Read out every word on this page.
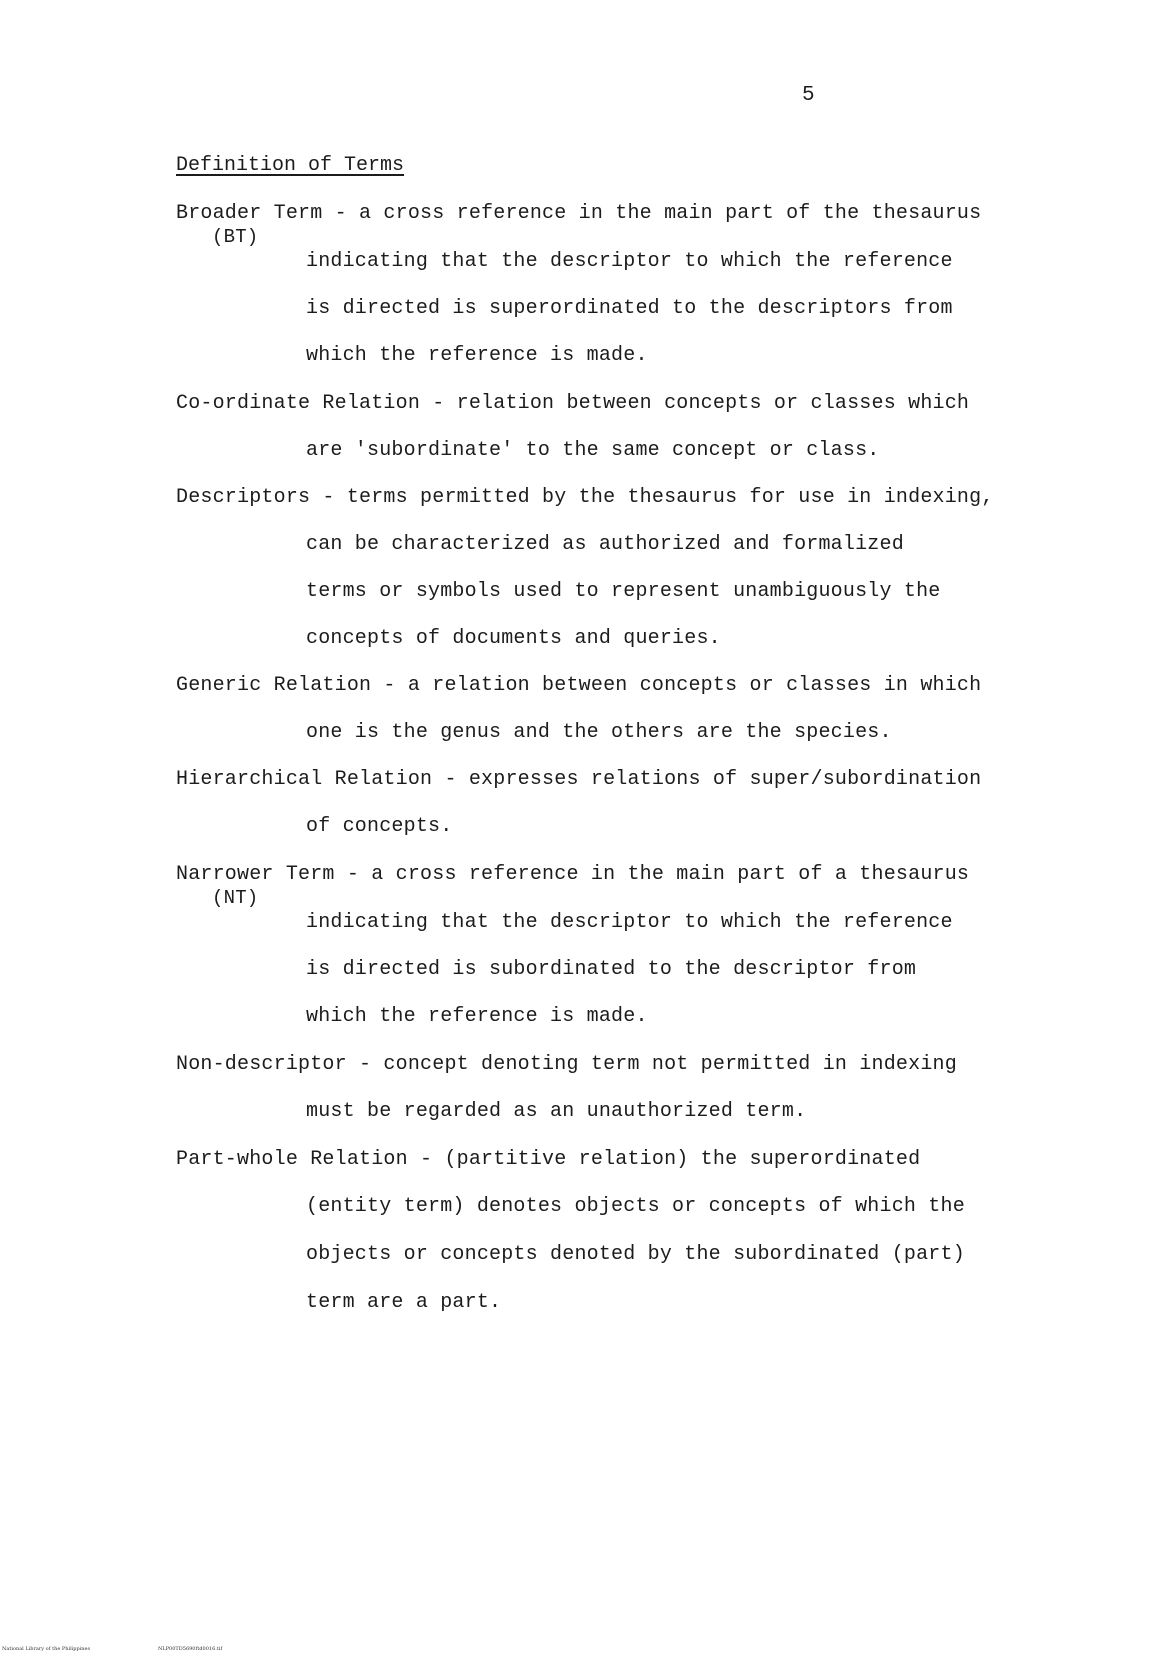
5
Definition of Terms
Broader Term - a cross reference in the main part of the thesaurus
(BT)
indicating that the descriptor to which the reference
is directed is superordinated to the descriptors from
which the reference is made.
Co-ordinate Relation - relation between concepts or classes which
are 'subordinate' to the same concept or class.
Descriptors - terms permitted by the thesaurus for use in indexing,
can be characterized as authorized and formalized
terms or symbols used to represent unambiguously the
concepts of documents and queries.
Generic Relation - a relation between concepts or classes in which
one is the genus and the others are the species.
Hierarchical Relation - expresses relations of super/subordination
of concepts.
Narrower Term - a cross reference in the main part of a thesaurus
(NT)
indicating that the descriptor to which the reference
is directed is subordinated to the descriptor from
which the reference is made.
Non-descriptor - concept denoting term not permitted in indexing
must be regarded as an unauthorized term.
Part-whole Relation - (partitive relation) the superordinated
(entity term) denotes objects or concepts of which the
objects or concepts denoted by the subordinated (part)
term are a part.
National Library of the Philippines	NLP00TD5690ftd0016.tif
